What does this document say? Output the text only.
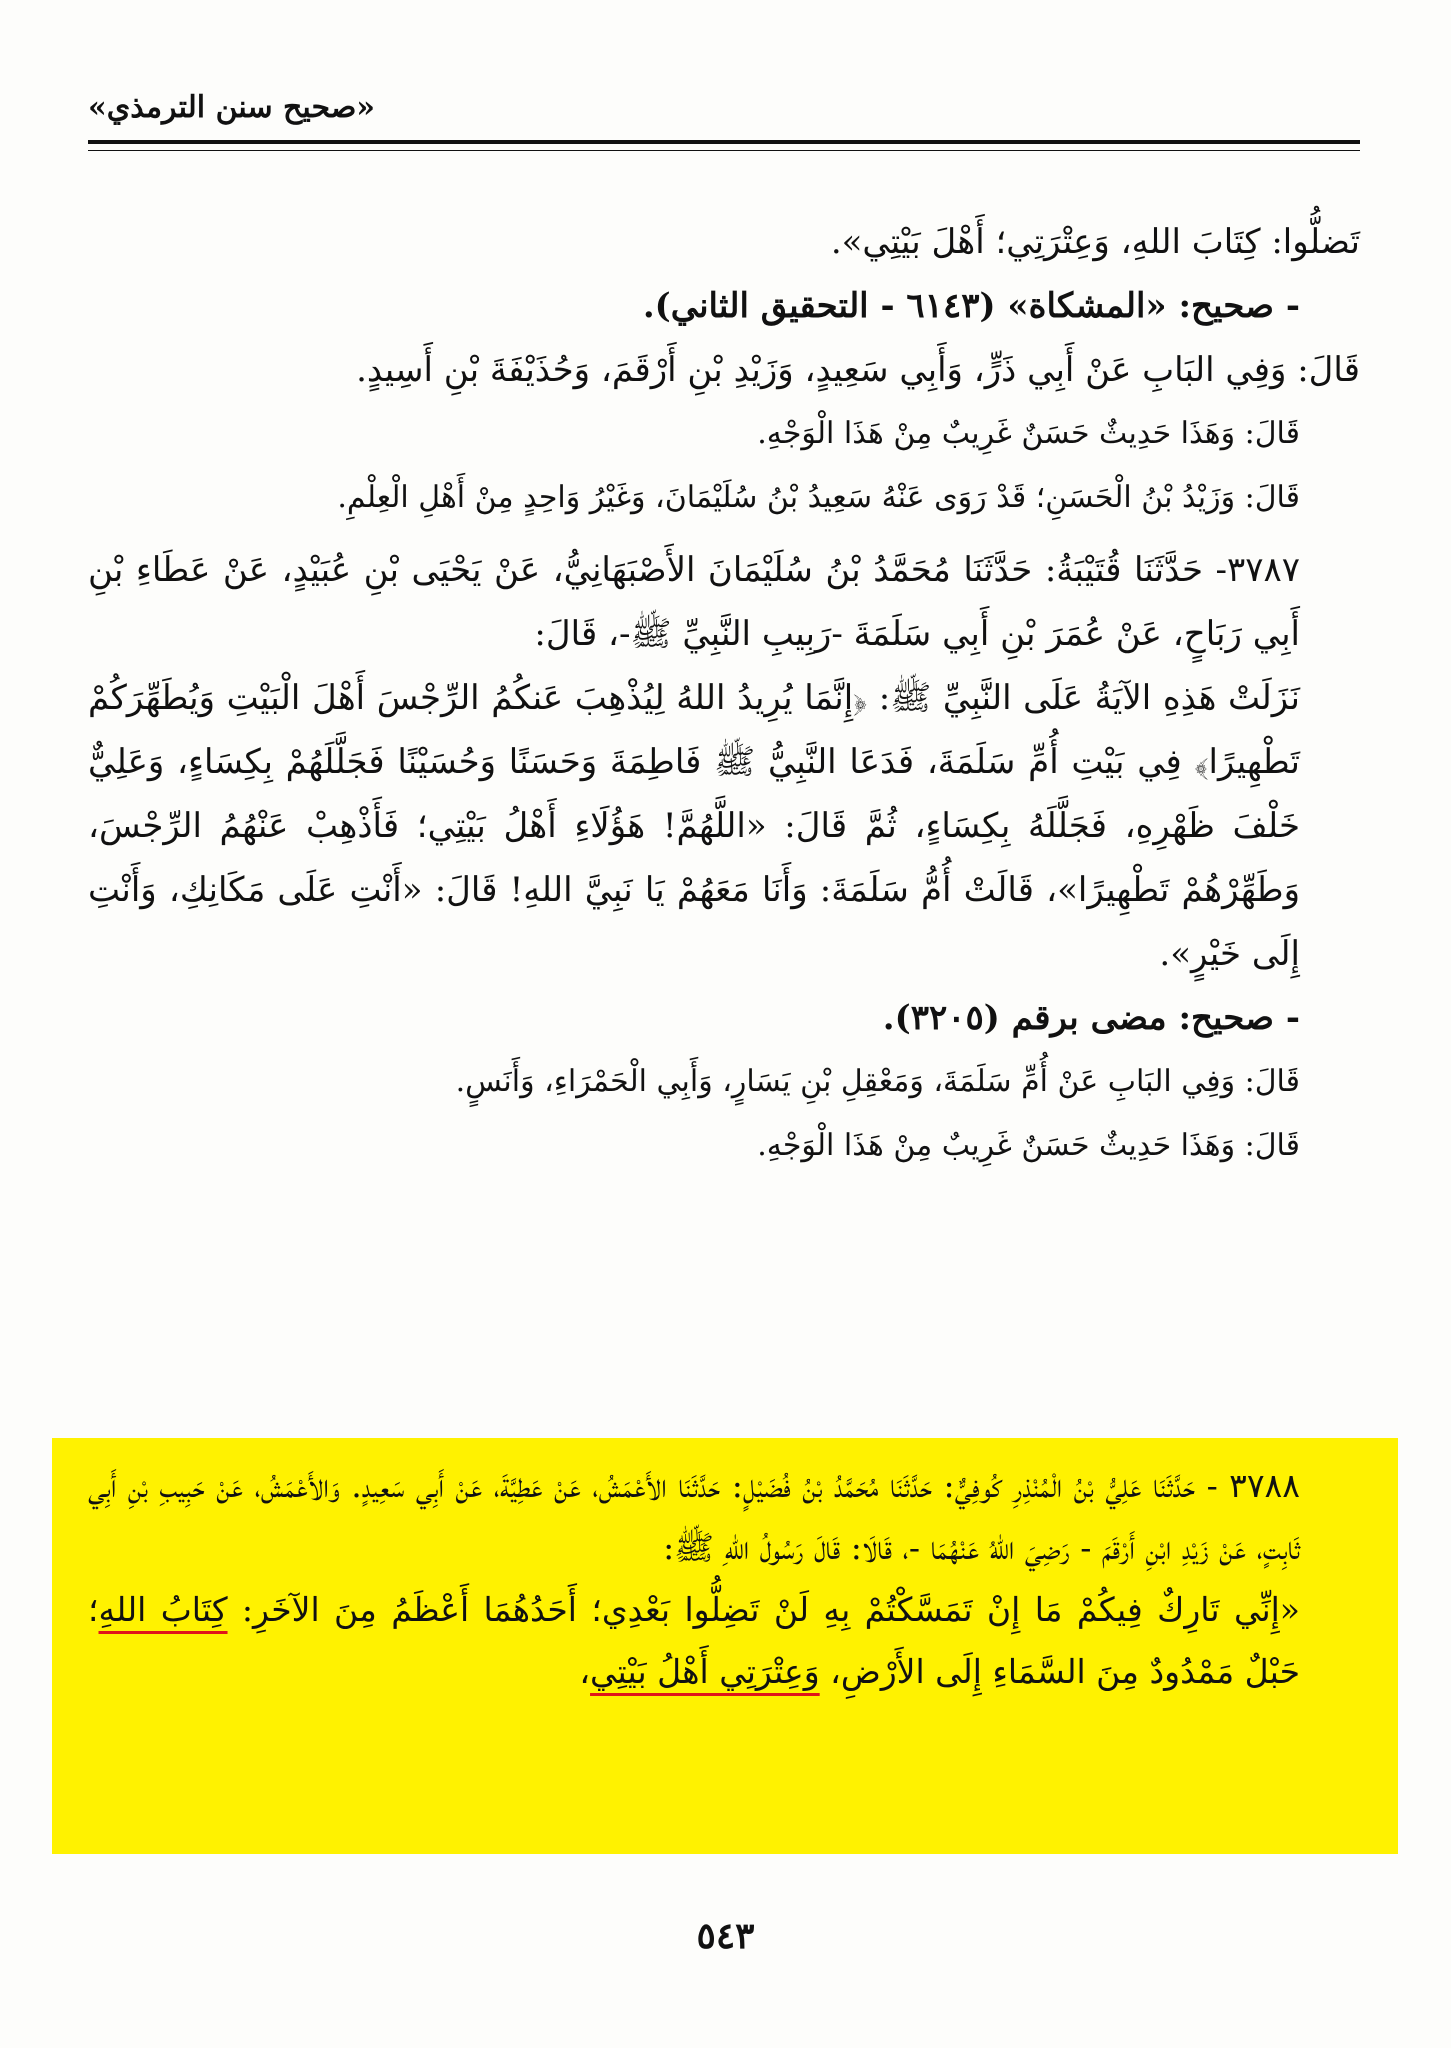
«صحيح سنن الترمذي»

تَضلُّوا: كِتَابَ اللهِ، وَعِتْرَتِي؛ أَهْلَ بَيْتِي».

- صحيح: «المشكاة» (٦١٤٣ - التحقيق الثاني).

قَالَ: وَفِي البَابِ عَنْ أَبِي ذَرٍّ، وَأَبِي سَعِيدٍ، وَزَيْدِ بْنِ أَرْقَمَ، وَحُذَيْفَةَ بْنِ أَسِيدٍ.

قَالَ: وَهَذَا حَدِيثٌ حَسَنٌ غَرِيبٌ مِنْ هَذَا الْوَجْهِ.

قَالَ: وَزَيْدُ بْنُ الْحَسَنِ؛ قَدْ رَوَى عَنْهُ سَعِيدُ بْنُ سُلَيْمَانَ، وَغَيْرُ وَاحِدٍ مِنْ أَهْلِ الْعِلْمِ.

٣٧٨٧- حَدَّثَنَا قُتَيْبَةُ: حَدَّثَنَا مُحَمَّدُ بْنُ سُلَيْمَانَ الأَصْبَهَانِيُّ، عَنْ يَحْيَى بْنِ عُبَيْدٍ، عَنْ عَطَاءِ بْنِ أَبِي رَبَاحٍ، عَنْ عُمَرَ بْنِ أَبِي سَلَمَةَ -رَبِيبِ النَّبِيِّ ﷺ-، قَالَ:

نَزَلَتْ هَذِهِ الآيَةُ عَلَى النَّبِيِّ ﷺ: ﴿إِنَّمَا يُرِيدُ اللهُ لِيُذْهِبَ عَنكُمُ الرِّجْسَ أَهْلَ الْبَيْتِ وَيُطَهِّرَكُمْ تَطْهِيرًا﴾ فِي بَيْتِ أُمِّ سَلَمَةَ، فَدَعَا النَّبِيُّ ﷺ فَاطِمَةَ وَحَسَنًا وَحُسَيْنًا فَجَلَّلَهُمْ بِكِسَاءٍ، وَعَلِيٌّ خَلْفَ ظَهْرِهِ، فَجَلَّلَهُ بِكِسَاءٍ، ثُمَّ قَالَ: «اللَّهُمَّ! هَؤُلَاءِ أَهْلُ بَيْتِي؛ فَأَذْهِبْ عَنْهُمُ الرِّجْسَ، وَطَهِّرْهُمْ تَطْهِيرًا»، قَالَتْ أُمُّ سَلَمَةَ: وَأَنَا مَعَهُمْ يَا نَبِيَّ اللهِ! قَالَ: «أَنْتِ عَلَى مَكَانِكِ، وَأَنْتِ إِلَى خَيْرٍ».

- صحيح: مضى برقم (٣٢٠٥).

قَالَ: وَفِي البَابِ عَنْ أُمِّ سَلَمَةَ، وَمَعْقِلِ بْنِ يَسَارٍ، وَأَبِي الْحَمْرَاءِ، وَأَنَسٍ.

قَالَ: وَهَذَا حَدِيثٌ حَسَنٌ غَرِيبٌ مِنْ هَذَا الْوَجْهِ.

٣٧٨٨ - حَدَّثَنَا عَلِيُّ بْنُ الْمُنْذِرِ كُوفِيٌّ: حَدَّثَنَا مُحَمَّدُ بْنُ فُضَيْلٍ: حَدَّثَنَا الأَعْمَشُ، عَنْ عَطِيَّةَ، عَنْ أَبِي سَعِيدٍ. وَالأَعْمَشُ، عَنْ حَبِيبِ بْنِ أَبِي ثَابِتٍ، عَنْ زَيْدِ ابْنِ أَرْقَمَ - رَضِيَ اللهُ عَنْهُمَا -، قَالَا: قَالَ رَسُولُ اللهِ ﷺ:

«إِنِّي تَارِكٌ فِيكُمْ مَا إِنْ تَمَسَّكْتُمْ بِهِ لَنْ تَضِلُّوا بَعْدِي؛ أَحَدُهُمَا أَعْظَمُ مِنَ الآخَرِ: كِتَابُ اللهِ؛ حَبْلٌ مَمْدُودٌ مِنَ السَّمَاءِ إِلَى الأَرْضِ، وَعِتْرَتِي أَهْلُ بَيْتِي،

٥٤٣
